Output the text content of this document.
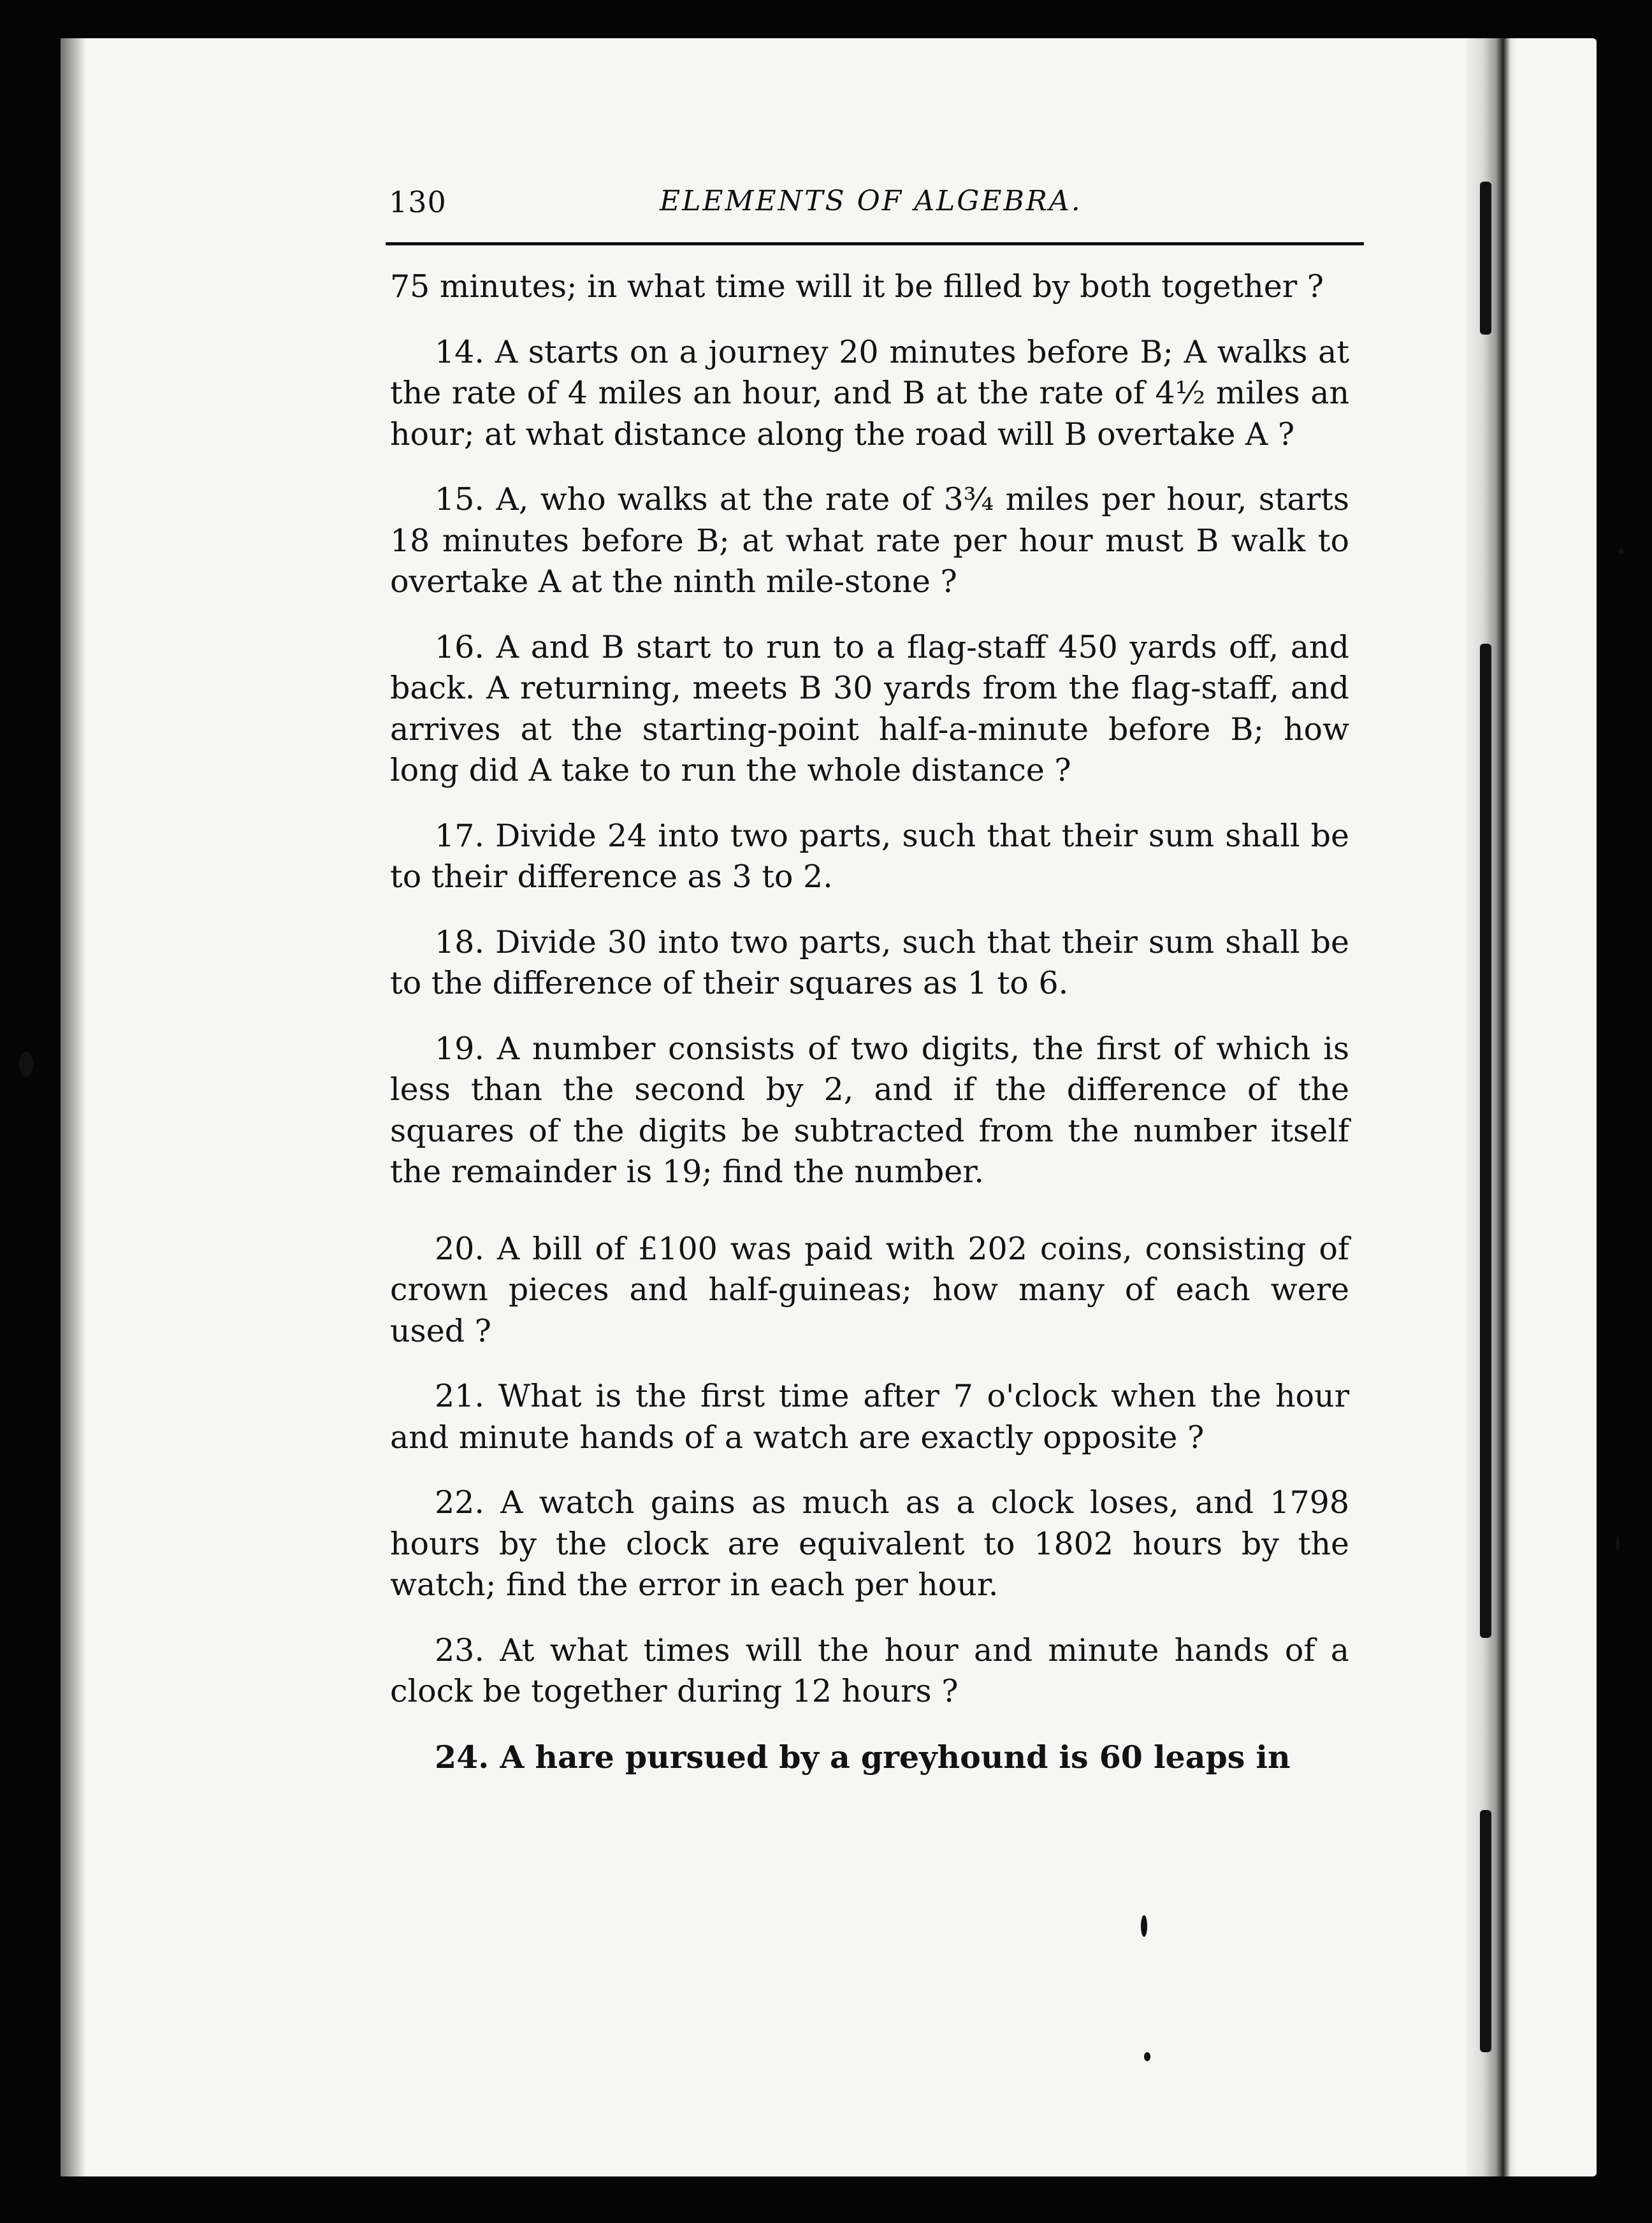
130	ELEMENTS OF ALGEBRA.

75 minutes; in what time will it be filled by both together ?

14. A starts on a journey 20 minutes before B; A walks at the rate of 4 miles an hour, and B at the rate of 4½ miles an hour; at what distance along the road will B overtake A ?

15. A, who walks at the rate of 3¾ miles per hour, starts 18 minutes before B; at what rate per hour must B walk to overtake A at the ninth mile-stone ?

16. A and B start to run to a flag-staff 450 yards off, and back. A returning, meets B 30 yards from the flag-staff, and arrives at the starting-point half-a-minute before B; how long did A take to run the whole distance ?

17. Divide 24 into two parts, such that their sum shall be to their difference as 3 to 2.

18. Divide 30 into two parts, such that their sum shall be to the difference of their squares as 1 to 6.

19. A number consists of two digits, the first of which is less than the second by 2, and if the difference of the squares of the digits be subtracted from the number itself the remainder is 19; find the number.

20. A bill of £100 was paid with 202 coins, consisting of crown pieces and half-guineas; how many of each were used ?

21. What is the first time after 7 o'clock when the hour and minute hands of a watch are exactly opposite ?

22. A watch gains as much as a clock loses, and 1798 hours by the clock are equivalent to 1802 hours by the watch; find the error in each per hour.

23. At what times will the hour and minute hands of a clock be together during 12 hours ?

24. A hare pursued by a greyhound is 60 leaps in
